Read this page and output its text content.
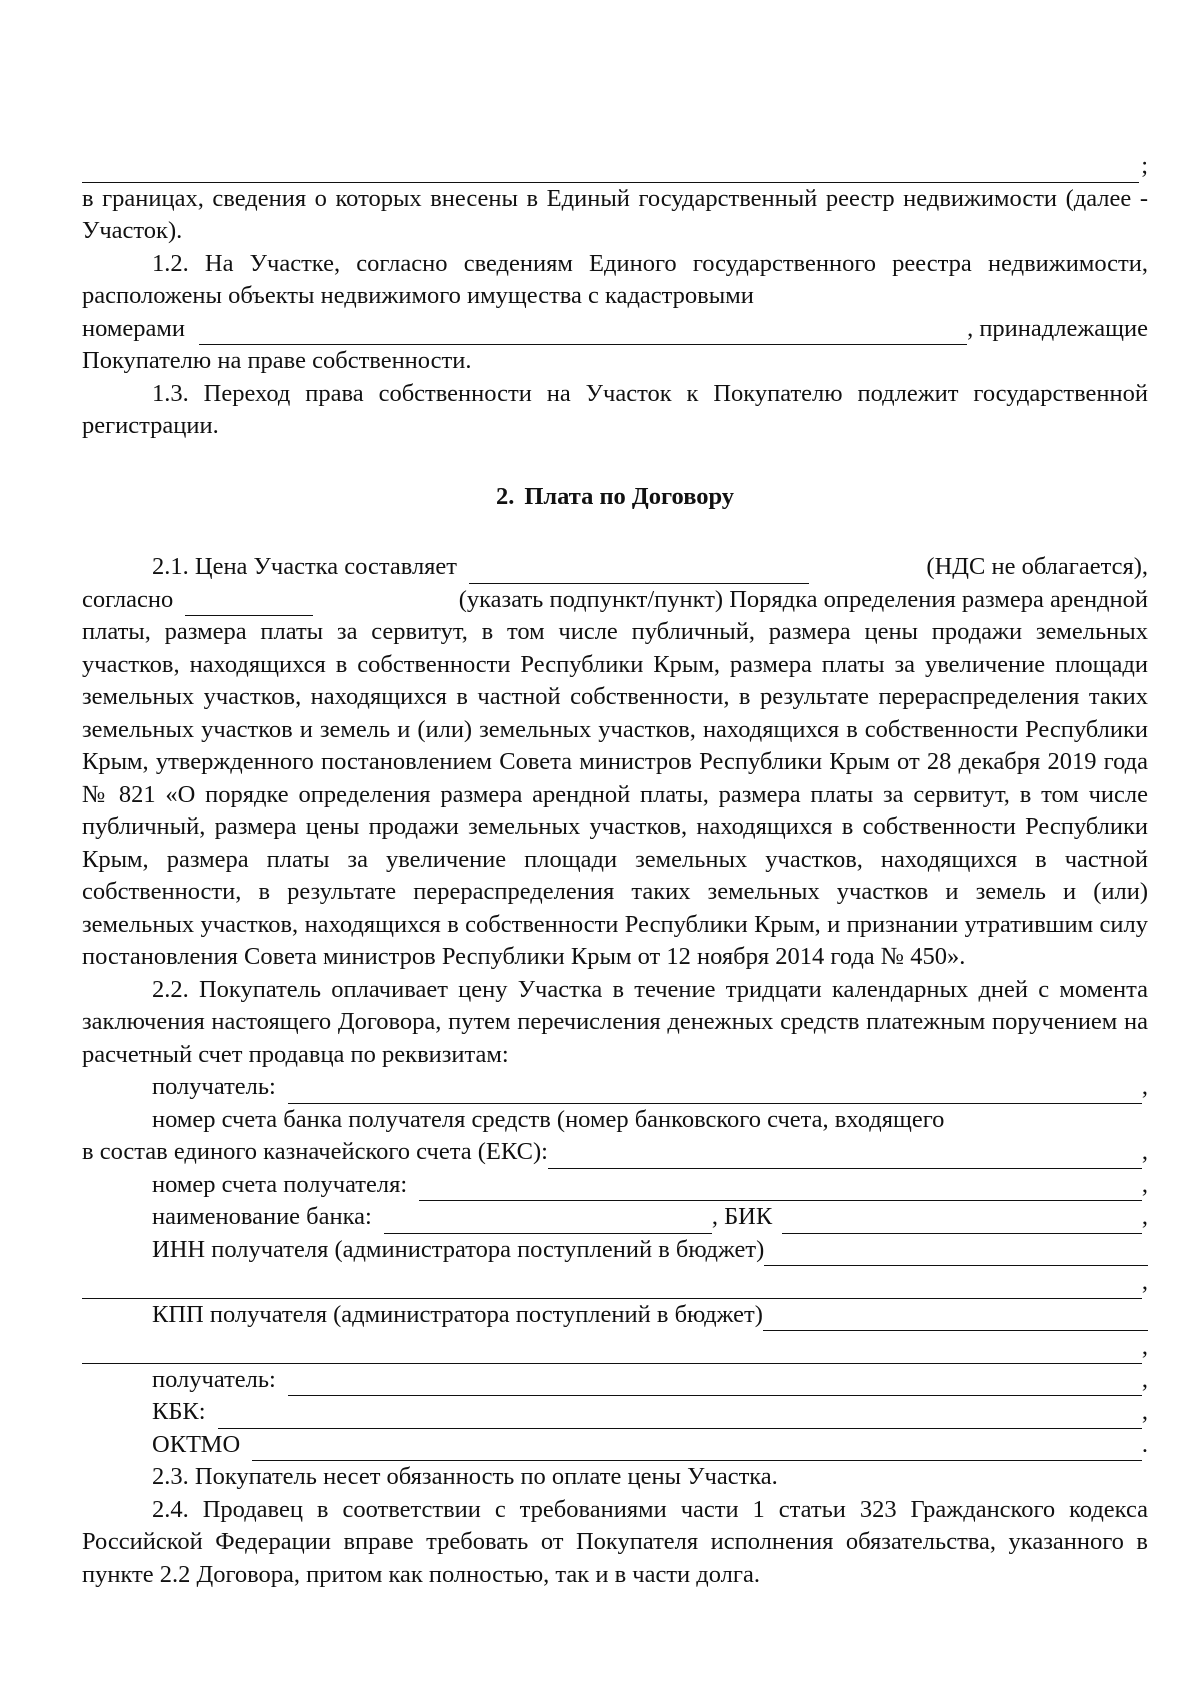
;

в границах, сведения о которых внесены в Единый государственный реестр недвижимости (далее - Участок).

1.2. На Участке, согласно сведениям Единого государственного реестра недвижимости, расположены объекты недвижимого имущества с кадастровыми

номерами	, принадлежащие

Покупателю на праве собственности.

1.3. Переход права собственности на Участок к Покупателю подлежит государственной регистрации.

2. Плата по Договору
2.1. Цена Участка составляет	(НДС не облагается),
согласно	(указать подпункт/пункт) Порядка определения размера арендной

платы, размера платы за сервитут, в том числе публичный, размера цены продажи земельных участков, находящихся в собственности Республики Крым, размера платы за увеличение площади земельных участков, находящихся в частной собственности, в результате перераспределения таких земельных участков и земель и (или) земельных участков, находящихся в собственности Республики Крым, утвержденного постановлением Совета министров Республики Крым от 28 декабря 2019 года № 821 «О порядке определения размера арендной платы, размера платы за сервитут, в том числе публичный, размера цены продажи земельных участков, находящихся в собственности Республики Крым, размера платы за увеличение площади земельных участков, находящихся в частной собственности, в результате перераспределения таких земельных участков и земель и (или) земельных участков, находящихся в собственности Республики Крым, и признании утратившим силу постановления Совета министров Республики Крым от 12 ноября 2014 года № 450».

2.2. Покупатель оплачивает цену Участка в течение тридцати календарных дней с момента заключения настоящего Договора, путем перечисления денежных средств платежным поручением на расчетный счет продавца по реквизитам:

получатель:	,

номер счета банка получателя средств (номер банковского счета, входящего

в состав единого казначейского счета (ЕКС):	,
номер счета получателя:	,
наименование банка:	, БИК	,
ИНН получателя (администратора поступлений в бюджет)
,
КПП получателя (администратора поступлений в бюджет)
,
получатель:	,
КБК:	,
ОКТМО	.

2.3. Покупатель несет обязанность по оплате цены Участка.

2.4. Продавец в соответствии с требованиями части 1 статьи 323 Гражданского кодекса Российской Федерации вправе требовать от Покупателя исполнения обязательства, указанного в пункте 2.2 Договора, притом как полностью, так и в части долга.
